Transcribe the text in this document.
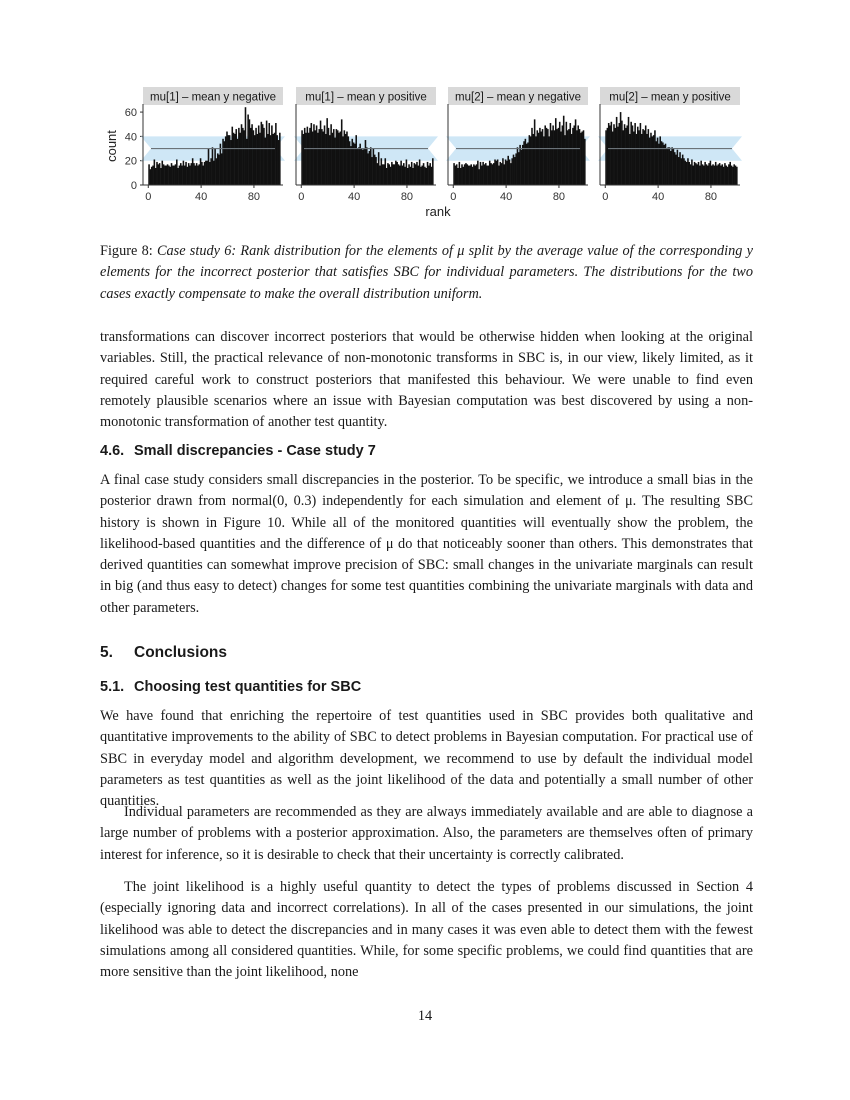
count
rank
0
20
40
60
mu[1] – mean y negative
0	40	80
mu[1] – mean y positive
0	40	80
mu[2] – mean y negative
0	40	80
mu[2] – mean y positive
0	40	80

Figure 8: Case study 6: Rank distribution for the elements of μ split by the average value of the corresponding y elements for the incorrect posterior that satisfies SBC for individual parameters. The distributions for the two cases exactly compensate to make the overall distribution uniform.

transformations can discover incorrect posteriors that would be otherwise hidden when looking at the original variables. Still, the practical relevance of non-monotonic transforms in SBC is, in our view, likely limited, as it required careful work to construct posteriors that manifested this behaviour. We were unable to find even remotely plausible scenarios where an issue with Bayesian computation was best discovered by using a non-monotonic transformation of another test quantity.

4.6. Small discrepancies - Case study 7

A final case study considers small discrepancies in the posterior. To be specific, we introduce a small bias in the posterior drawn from normal(0, 0.3) independently for each simulation and element of μ. The resulting SBC history is shown in Figure 10. While all of the monitored quantities will eventually show the problem, the likelihood-based quantities and the difference of μ do that noticeably sooner than others. This demonstrates that derived quantities can somewhat improve precision of SBC: small changes in the univariate marginals can result in big (and thus easy to detect) changes for some test quantities combining the univariate marginals with data and other parameters.

5. Conclusions
5.1. Choosing test quantities for SBC

We have found that enriching the repertoire of test quantities used in SBC provides both qualitative and quantitative improvements to the ability of SBC to detect problems in Bayesian computation. For practical use of SBC in everyday model and algorithm development, we recommend to use by default the individual model parameters as test quantities as well as the joint likelihood of the data and potentially a small number of other quantities.

Individual parameters are recommended as they are always immediately available and are able to diagnose a large number of problems with a posterior approximation. Also, the parameters are themselves often of primary interest for inference, so it is desirable to check that their uncertainty is correctly calibrated.

The joint likelihood is a highly useful quantity to detect the types of problems discussed in Section 4 (especially ignoring data and incorrect correlations). In all of the cases presented in our simulations, the joint likelihood was able to detect the discrepancies and in many cases it was even able to detect them with the fewest simulations among all considered quantities. While, for some specific problems, we could find quantities that are more sensitive than the joint likelihood, none

14
